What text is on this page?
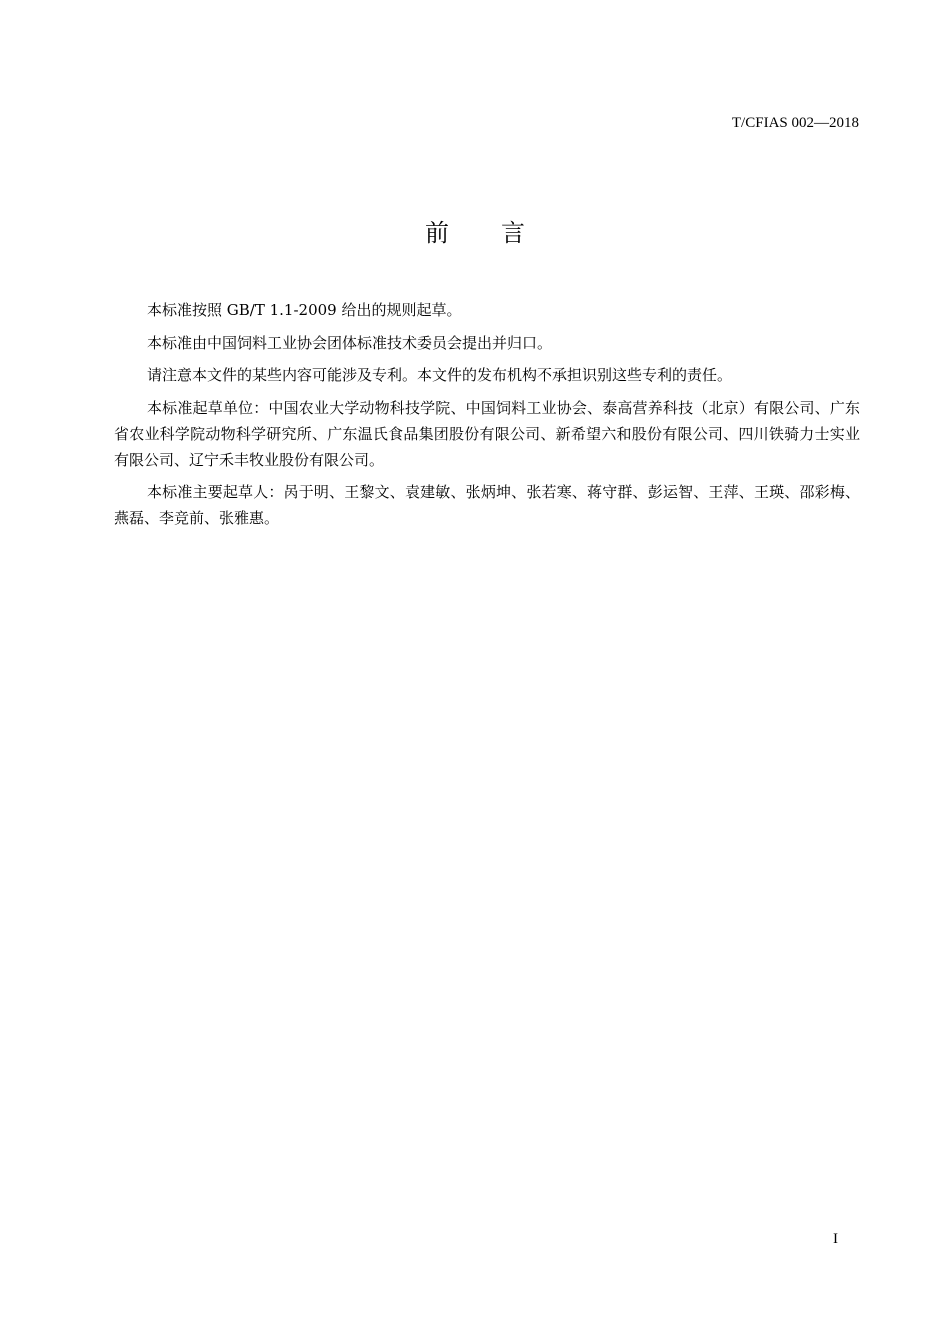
T/CFIAS 002—2018
前 言

本标准按照 GB/T 1.1-2009 给出的规则起草。

本标准由中国饲料工业协会团体标准技术委员会提出并归口。

请注意本文件的某些内容可能涉及专利。本文件的发布机构不承担识别这些专利的责任。

本标准起草单位：中国农业大学动物科技学院、中国饲料工业协会、泰高营养科技（北京）有限公司、广东省农业科学院动物科学研究所、广东温氏食品集团股份有限公司、新希望六和股份有限公司、四川铁骑力士实业有限公司、辽宁禾丰牧业股份有限公司。

本标准主要起草人：呙于明、王黎文、袁建敏、张炳坤、张若寒、蒋守群、彭运智、王萍、王瑛、邵彩梅、燕磊、李竞前、张雅惠。

I
